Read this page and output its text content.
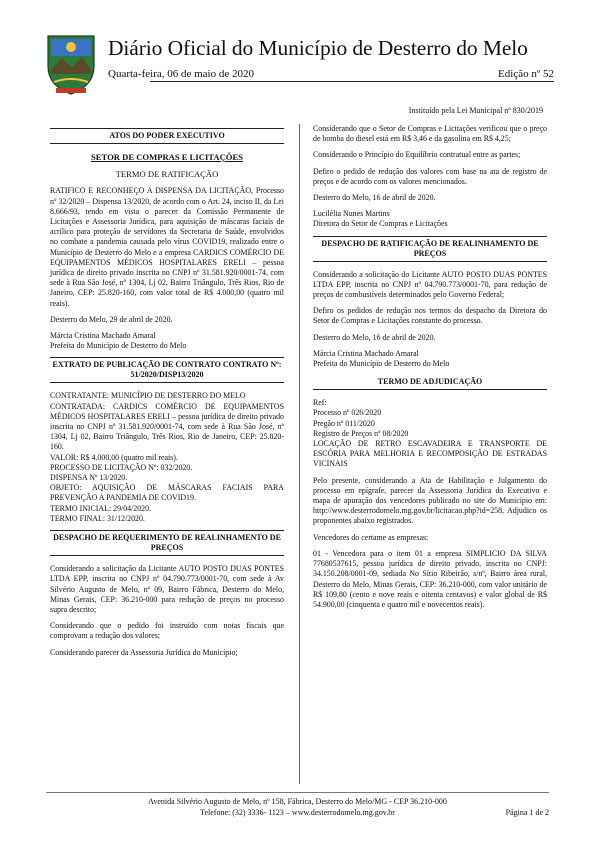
Diário Oficial do Município de Desterro do Melo
Quarta-feira, 06 de maio de 2020	Edição nº 52
Instituído pela Lei Municipal nº 830/2019
ATOS DO PODER EXECUTIVO
SETOR DE COMPRAS E LICITAÇÕES
TERMO DE RATIFICAÇÃO

RATIFICO E RECONHEÇO A DISPENSA DA LICITAÇÃO, Processo nº 32/2020 – Dispensa 13/2020, de acordo com o Art. 24, inciso II, da Lei 8.666/93, tendo em vista o parecer da Comissão Permanente de Licitações e Assessoria Jurídica, para aquisição de máscaras faciais de acrílico para proteção de servidores da Secretaria de Saúde, envolvidos no combate a pandemia causada pelo vírus COVID19, realizado entre o Município de Desterro do Melo e a empresa CARDICS COMÉRCIO DE EQUIPAMENTOS MÉDICOS HOSPITALARES ERELI – pessoa jurídica de direito privado inscrita no CNPJ nº 31.581.920/0001-74, com sede à Rua São José, nº 1304, Lj 02, Bairro Triângulo, Três Rios, Rio de Janeiro, CEP: 25.820-160, com valor total de R$ 4.000,00 (quatro mil reais).

Desterro do Melo, 29 de abril de 2020.

Márcia Cristina Machado Amaral

Prefeita do Município de Desterro do Melo

EXTRATO DE PUBLICAÇÃO DE CONTRATO CONTRATO Nº: 51/2020/DISP13/2020

CONTRATANTE: MUNICÍPIO DE DESTERRO DO MELO

CONTRATADA: CARDICS COMÉRCIO DE EQUIPAMENTOS MÉDICOS HOSPITALARES ERELI – pessoa jurídica de direito privado inscrita no CNPJ nº 31.581.920/0001-74, com sede à Rua São José, nº 1304, Lj 02, Bairro Triângulo, Três Rios, Rio de Janeiro, CEP: 25.820-160.

VALOR: R$ 4.000,00 (quatro mil reais).

PROCESSO DE LICITAÇÃO Nº: 032/2020.

DISPENSA Nº 13/2020.

OBJETO: AQUISIÇÃO DE MÁSCARAS FACIAIS PARA PREVENÇÃO A PANDEMIA DE COVID19.

TERMO INICIAL: 29/04/2020.

TERMO FINAL: 31/12/2020.

DESPACHO DE REQUERIMENTO DE REALINHAMENTO DE PREÇOS

Considerando a solicitação da Licitante AUTO POSTO DUAS PONTES LTDA EPP, inscrita no CNPJ nº 04.790.773/0001-70, com sede à Av Silvério Augusto de Melo, nº 09, Bairro Fábrica, Desterro do Melo, Minas Gerais, CEP: 36.210-000 para redução de preços no processo supra descrito;

Considerando que o pedido foi instruído com notas fiscais que comprovam a redução dos valores;

Considerando parecer da Assessoria Jurídica do Município;

Considerando que o Setor de Compras e Licitações verificou que o preço de bomba do diesel está em R$ 3,46 e da gasolina em R$ 4,25;

Considerando o Princípio do Equilíbrio contratual entre as partes;

Defiro o pedido de redução dos valores com base na ata de registro de preços e de acordo com os valores mencionados.

Desterro do Melo, 16 de abril de 2020.

Lucilélia Nunes Martins

Diretora do Setor de Compras e Licitações

DESPACHO DE RATIFICAÇÃO DE REALINHAMENTO DE PREÇOS

Considerando a solicitação do Licitante AUTO POSTO DUAS PONTES LTDA EPP, inscrita no CNPJ nº 04.790.773/0001-70, para redução de preços de combustíveis determinados pelo Governo Federal;

Defiro os pedidos de redução nos termos do despacho da Diretora do Setor de Compras e Licitações constante do processo.

Desterro do Melo, 16 de abril de 2020.

Márcia Cristina Machado Amaral

Prefeita do Município de Desterro do Melo

TERMO DE ADJUDICAÇÃO

Ref:

Processo nº 026/2020

Pregão nº 011/2020

Registro de Preços nº 08/2020

LOCAÇÃO DE RETRO ESCAVADEIRA E TRANSPORTE DE ESCÓRIA PARA MELHORIA E RECOMPOSIÇÃO DE ESTRADAS VICINAIS

Pelo presente, considerando a Ata de Habilitação e Julgamento do processo em epígrafe, parecer da Assessoria Jurídica do Executivo e mapa de apuração dos vencedores publicado no site do Município em: http://www.desterrodomelo.mg.gov.br/licitacao.php?id=258, Adjudico os proponentes abaixo registrados.

Vencedores do certame as empresas:

01 - Vencedora para o item 01 a empresa SIMPLICIO DA SILVA 77680537615, pessoa jurídica de direito privado, inscrita no CNPJ: 34.150.208/0001-09, sediada No Sítio Ribeirão, s/nº, Bairro área rural, Desterro do Melo, Minas Gerais, CEP: 36.210-000, com valor unitário de R$ 109,80 (cento e nove reais e oitenta centavos) e valor global de R$ 54.900,00 (cinquenta e quatro mil e novecentos reais).

Avenida Silvério Augusto de Melo, nº 158, Fábrica, Desterro do Melo/MG - CEP 36.210-000
Telefone: (32) 3336- 1123 – www.desterrodomelo.mg.gov.br	Página 1 de 2
